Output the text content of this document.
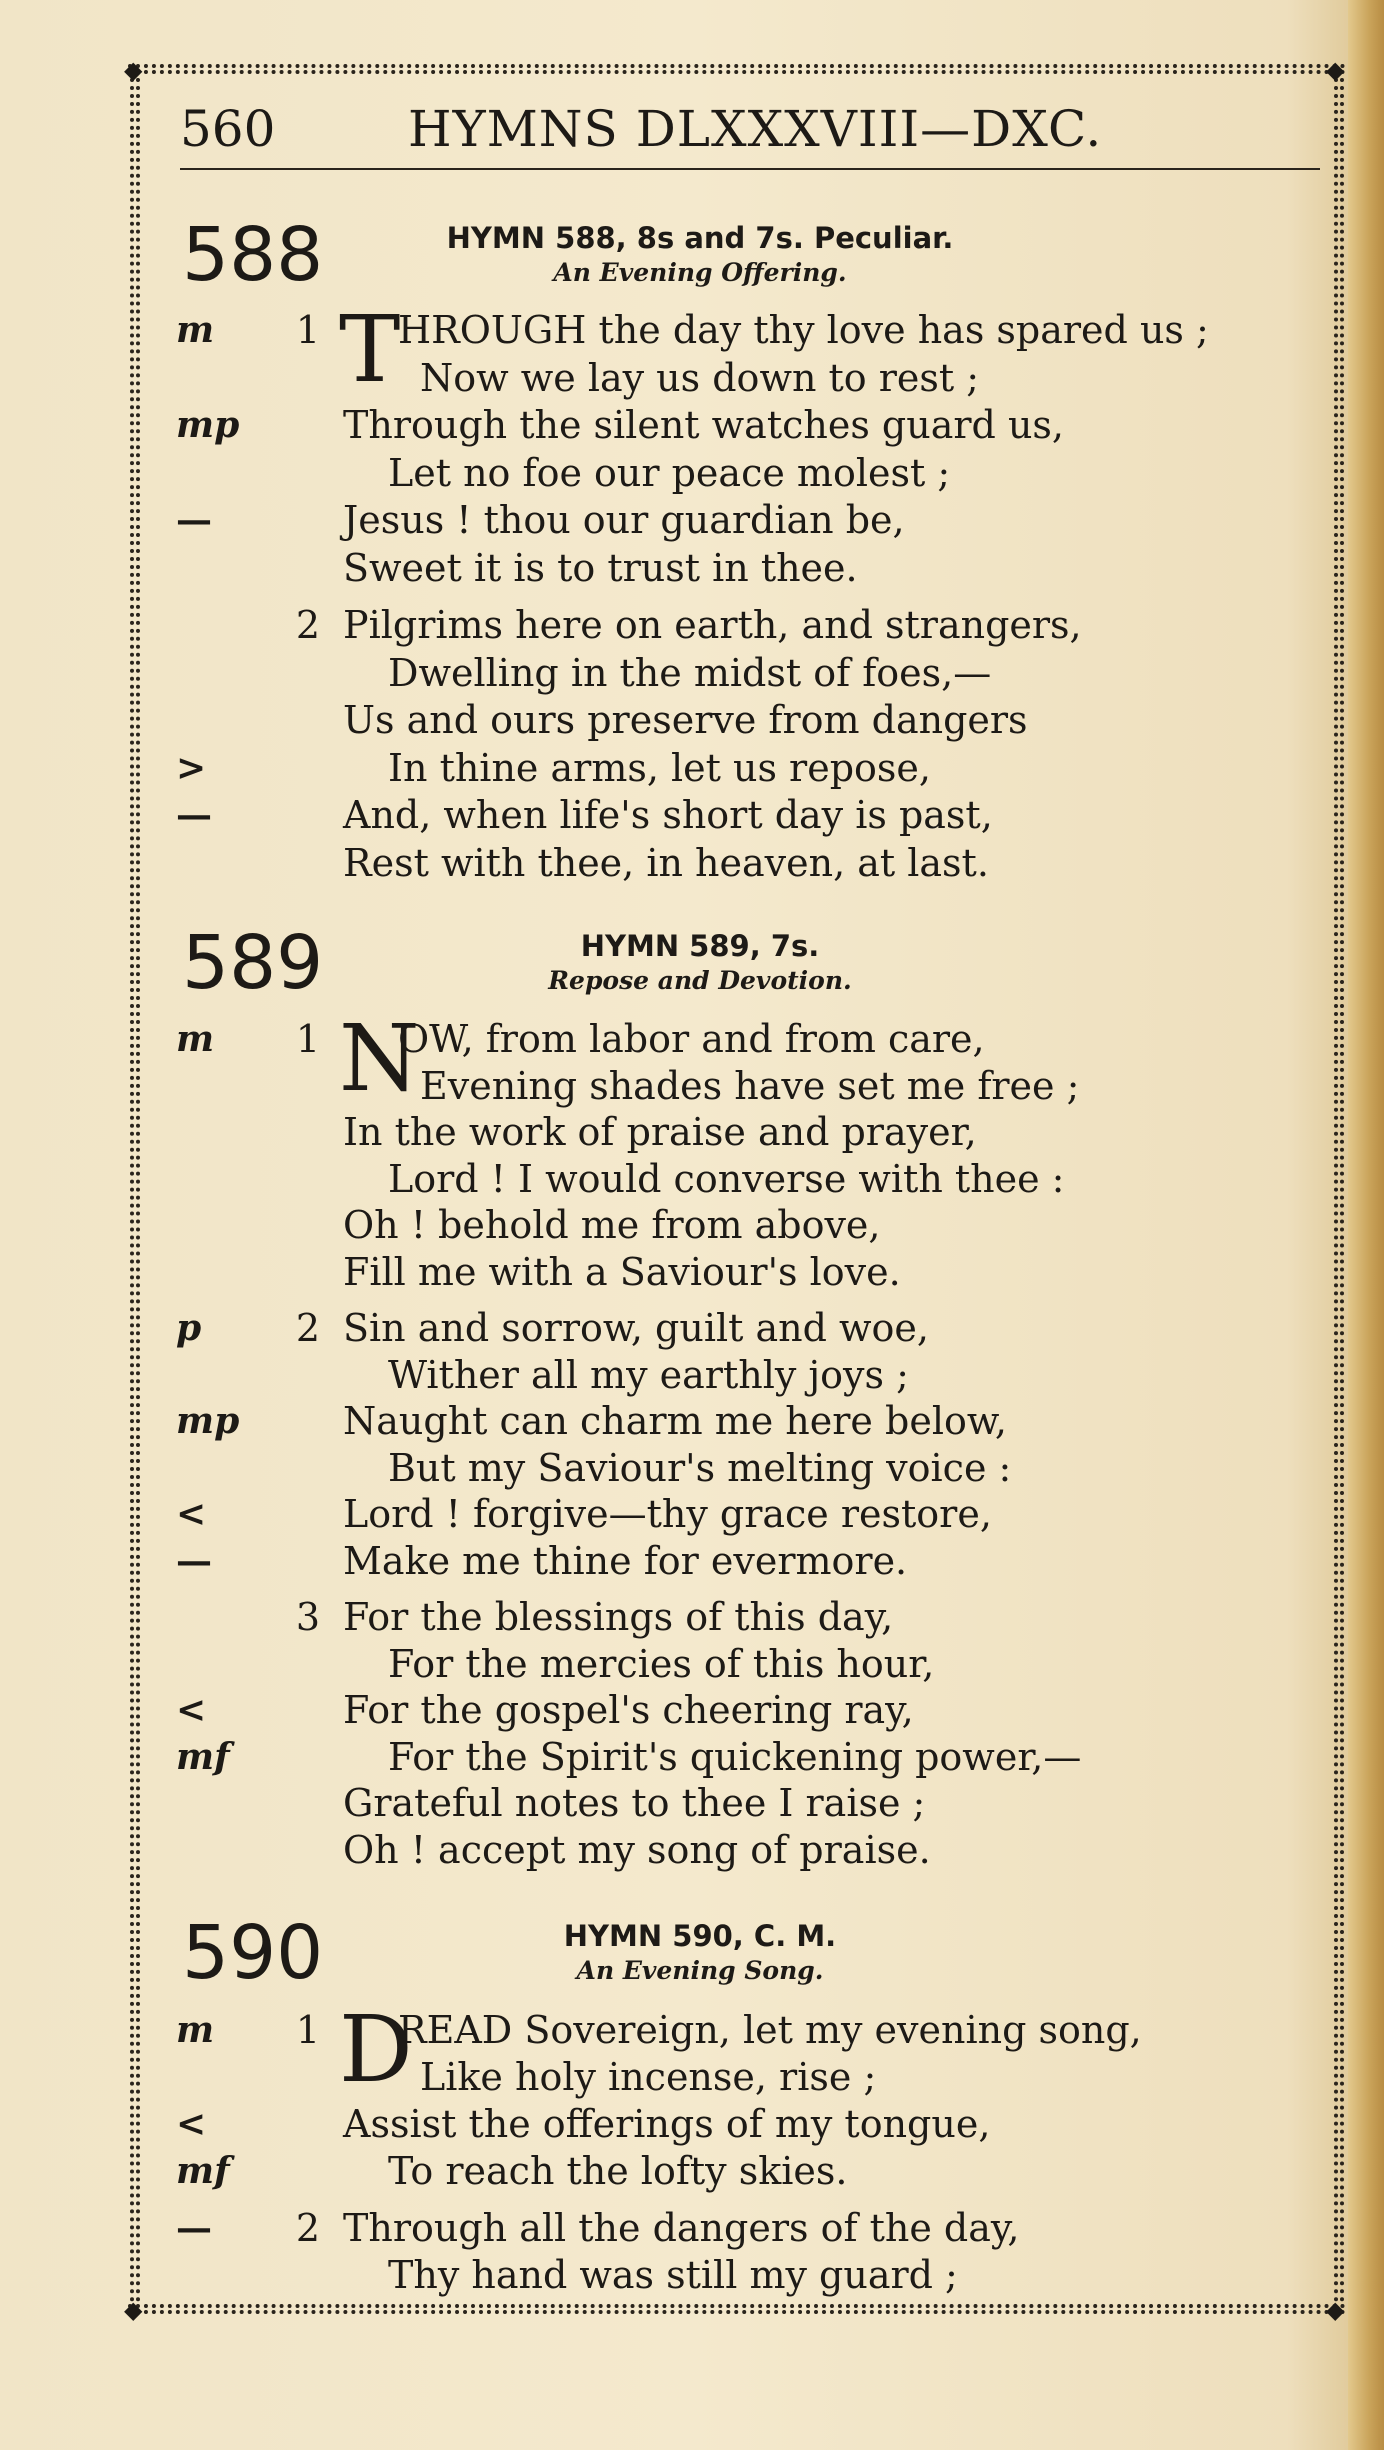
◆	◆
◆	◆
560	HYMNS DLXXXVIII—DXC.
588	HYMN 588, 8s and 7s. Peculiar.
An Evening Offering.
m	1 HROUGH the day thy love has spared us ;
T Now we lay us down to rest ;
mp	Through the silent watches guard us,
Let no foe our peace molest ;
—	Jesus ! thou our guardian be,
Sweet it is to trust in thee.
2 Pilgrims here on earth, and strangers,
Dwelling in the midst of foes,—
Us and ours preserve from dangers
>	In thine arms, let us repose,
—	And, when life's short day is past,
Rest with thee, in heaven, at last.
589	HYMN 589, 7s.
Repose and Devotion.
m	1 OW, from labor and from care,
N Evening shades have set me free ;
In the work of praise and prayer,
Lord ! I would converse with thee :
Oh ! behold me from above,
Fill me with a Saviour's love.
p	2 Sin and sorrow, guilt and woe,
Wither all my earthly joys ;
mp	Naught can charm me here below,
But my Saviour's melting voice :
<	Lord ! forgive—thy grace restore,
—	Make me thine for evermore.
3 For the blessings of this day,
For the mercies of this hour,
<	For the gospel's cheering ray,
mf	For the Spirit's quickening power,—
Grateful notes to thee I raise ;
Oh ! accept my song of praise.
590	HYMN 590, C. M.
An Evening Song.
m	1 READ Sovereign, let my evening song,
D Like holy incense, rise ;
<	Assist the offerings of my tongue,
mf	To reach the lofty skies.
—	2 Through all the dangers of the day,
Thy hand was still my guard ;
